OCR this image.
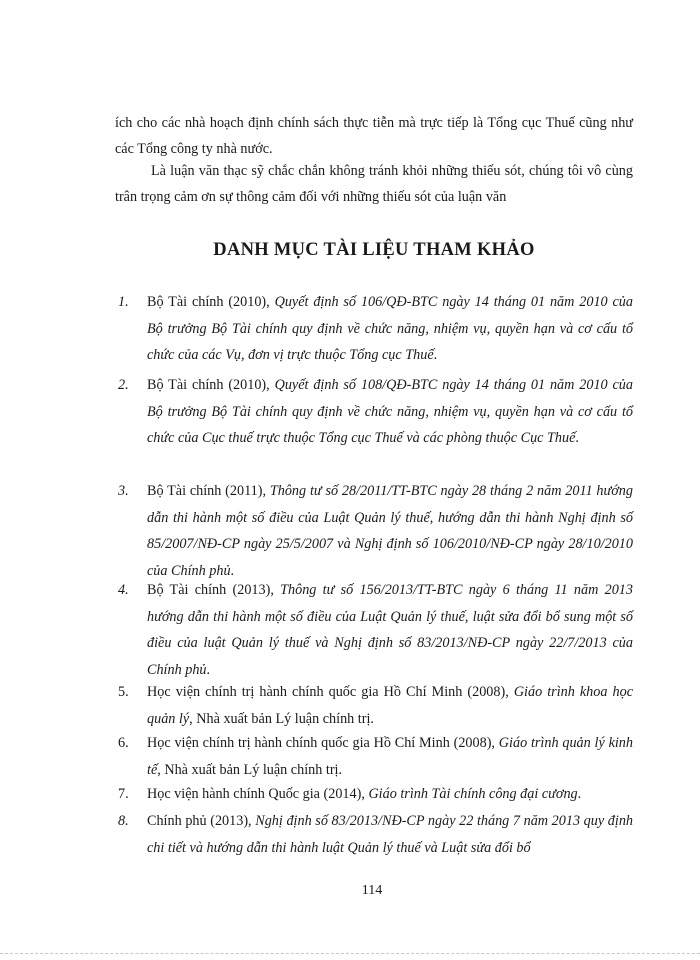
ích cho các nhà hoạch định chính sách thực tiễn mà trực tiếp là Tổng cục Thuế cũng như các Tổng công ty nhà nước.
Là luận văn thạc sỹ chắc chắn không tránh khỏi những thiếu sót, chúng tôi vô cùng trân trọng cảm ơn sự thông cảm đối với những thiếu sót của luận văn
DANH MỤC TÀI LIỆU THAM KHẢO
1.	Bộ Tài chính (2010), Quyết định số 106/QĐ-BTC ngày 14 tháng 01 năm 2010 của Bộ trưởng Bộ Tài chính quy định về chức năng, nhiệm vụ, quyền hạn và cơ cấu tổ chức của các Vụ, đơn vị trực thuộc Tổng cục Thuế.
2.	Bộ Tài chính (2010), Quyết định số 108/QĐ-BTC ngày 14 tháng 01 năm 2010 của Bộ trưởng Bộ Tài chính quy định về chức năng, nhiệm vụ, quyền hạn và cơ cấu tổ chức của Cục thuế trực thuộc Tổng cục Thuế và các phòng thuộc Cục Thuế.
3.	Bộ Tài chính (2011), Thông tư số 28/2011/TT-BTC ngày 28 tháng 2 năm 2011 hướng dẫn thi hành một số điều của Luật Quản lý thuế, hướng dẫn thi hành Nghị định số 85/2007/NĐ-CP ngày 25/5/2007 và Nghị định số 106/2010/NĐ-CP ngày 28/10/2010 của Chính phủ.
4.	Bộ Tài chính (2013), Thông tư số 156/2013/TT-BTC ngày 6 tháng 11 năm 2013 hướng dẫn thi hành một số điều của Luật Quản lý thuế, luật sửa đổi bổ sung một số điều của luật Quản lý thuế và Nghị định số 83/2013/NĐ-CP ngày 22/7/2013 của Chính phủ.
5.	Học viện chính trị hành chính quốc gia Hồ Chí Minh (2008), Giáo trình khoa học quản lý, Nhà xuất bản Lý luận chính trị.
6.	Học viện chính trị hành chính quốc gia Hồ Chí Minh (2008), Giáo trình quản lý kinh tế, Nhà xuất bản Lý luận chính trị.
7.	Học viện hành chính Quốc gia (2014), Giáo trình Tài chính công đại cương.
8.	Chính phủ (2013), Nghị định số 83/2013/NĐ-CP ngày 22 tháng 7 năm 2013 quy định chi tiết và hướng dẫn thi hành luật Quản lý thuế và Luật sửa đổi bổ
114
